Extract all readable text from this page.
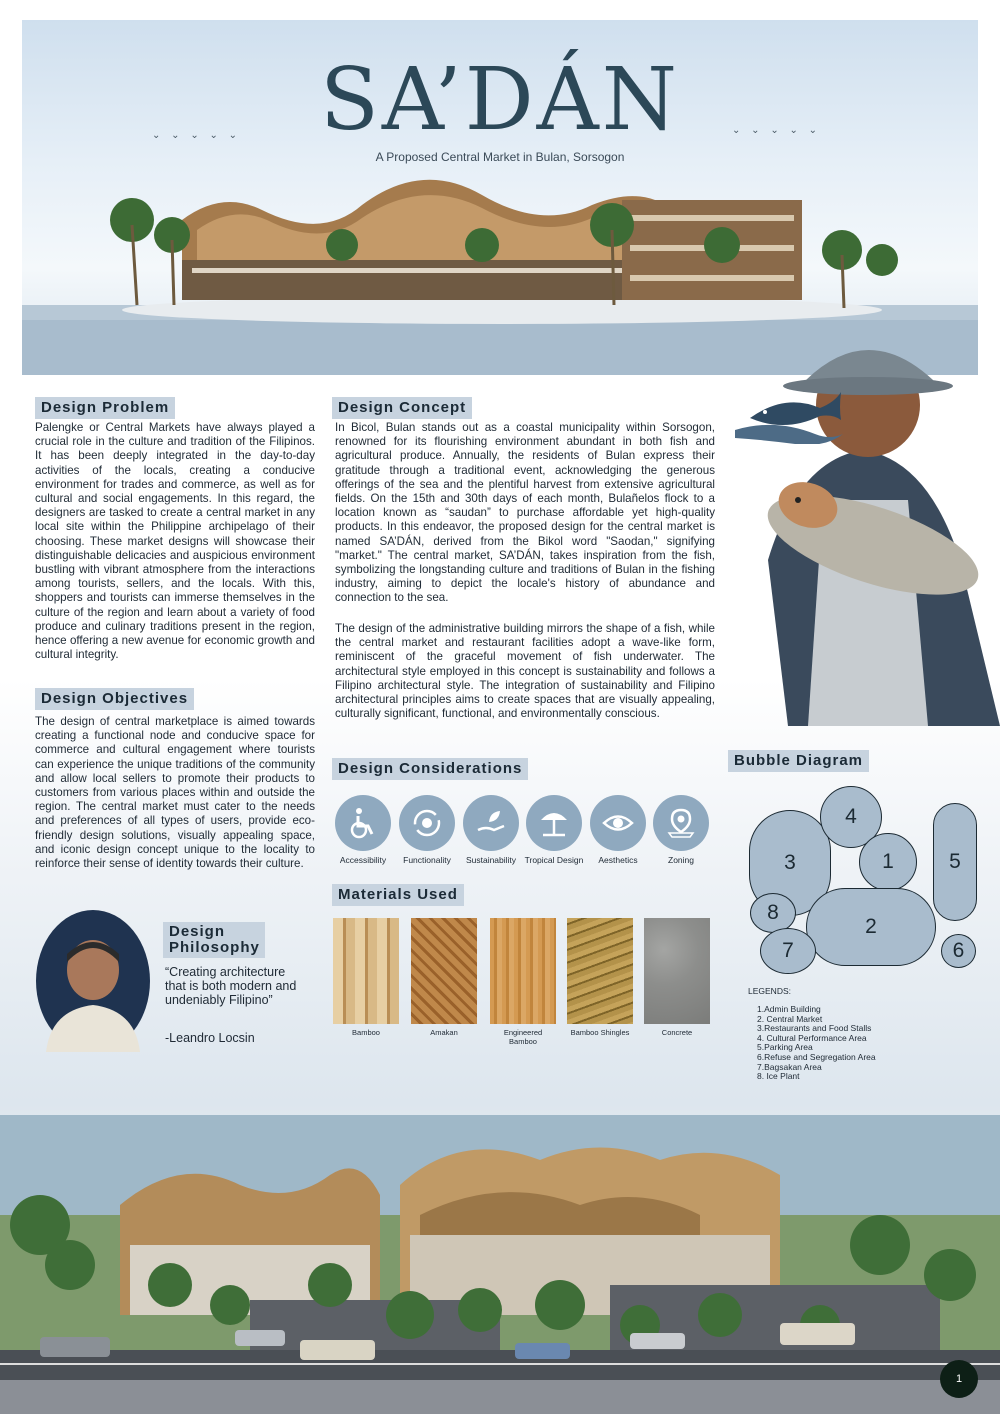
SA’DÁN
A Proposed Central Market in Bulan, Sorsogon
⌄ ⌄ ⌄ ⌄ ⌄	⌄ ⌄ ⌄ ⌄ ⌄
Design Problem
Palengke or Central Markets have always played a crucial role in the culture and tradition of the Filipinos. It has been deeply integrated in the day-to-day activities of the locals, creating a conducive environment for trades and commerce, as well as for cultural and social engagements. In this regard, the designers are tasked to create a central market in any local site within the Philippine archipelago of their choosing. These market designs will showcase their distinguishable delicacies and auspicious environment bustling with vibrant atmosphere from the interactions among tourists, sellers, and the locals. With this, shoppers and tourists can immerse themselves in the culture of the region and learn about a variety of food produce and culinary traditions present in the region, hence offering a new avenue for economic growth and cultural integrity.
Design Objectives
The design of central marketplace is aimed towards creating a functional node and conducive space for commerce and cultural engagement where tourists can experience the unique traditions of the community and allow local sellers to promote their products to customers from various places within and outside the region. The central market must cater to the needs and preferences of all types of users, provide eco-friendly design solutions, visually appealing space, and iconic design concept unique to the locality to reinforce their sense of identity towards their culture.
Design Concept
In Bicol, Bulan stands out as a coastal municipality within Sorsogon, renowned for its flourishing environment abundant in both fish and agricultural produce. Annually, the residents of Bulan express their gratitude through a traditional event, acknowledging the generous offerings of the sea and the plentiful harvest from extensive agricultural fields. On the 15th and 30th days of each month, Bulañelos flock to a location known as “saudan” to purchase affordable yet high-quality products. In this endeavor, the proposed design for the central market is named SA’DÁN, derived from the Bikol word "Saodan," signifying "market." The central market, SA’DÁN, takes inspiration from the fish, symbolizing the longstanding culture and traditions of Bulan in the fishing industry, aiming to depict the locale's history of abundance and connection to the sea.
The design of the administrative building mirrors the shape of a fish, while the central market and restaurant facilities adopt a wave-like form, reminiscent of the graceful movement of fish underwater. The architectural style employed in this concept is sustainability and follows a Filipino architectural style. The integration of sustainability and Filipino architectural principles aims to create spaces that are visually appealing, culturally significant, functional, and environmentally conscious.
Design Considerations
Accessibility	Functionality	Sustainability	Tropical Design	Aesthetics	Zoning
Materials Used
Bamboo	Amakan	Engineered Bamboo
Bamboo Shingles	Concrete
Design Philosophy
“Creating architecture that is both modern and undeniably Filipino”
-Leandro Locsin
Bubble Diagram
3
4
1	5
2
8
7	6
LEGENDS:
1.Admin Building
2. Central Market
3.Restaurants and Food Stalls
4. Cultural Performance Area
5.Parking Area
6.Refuse and Segregation Area
7.Bagsakan Area
8. Ice Plant
1
